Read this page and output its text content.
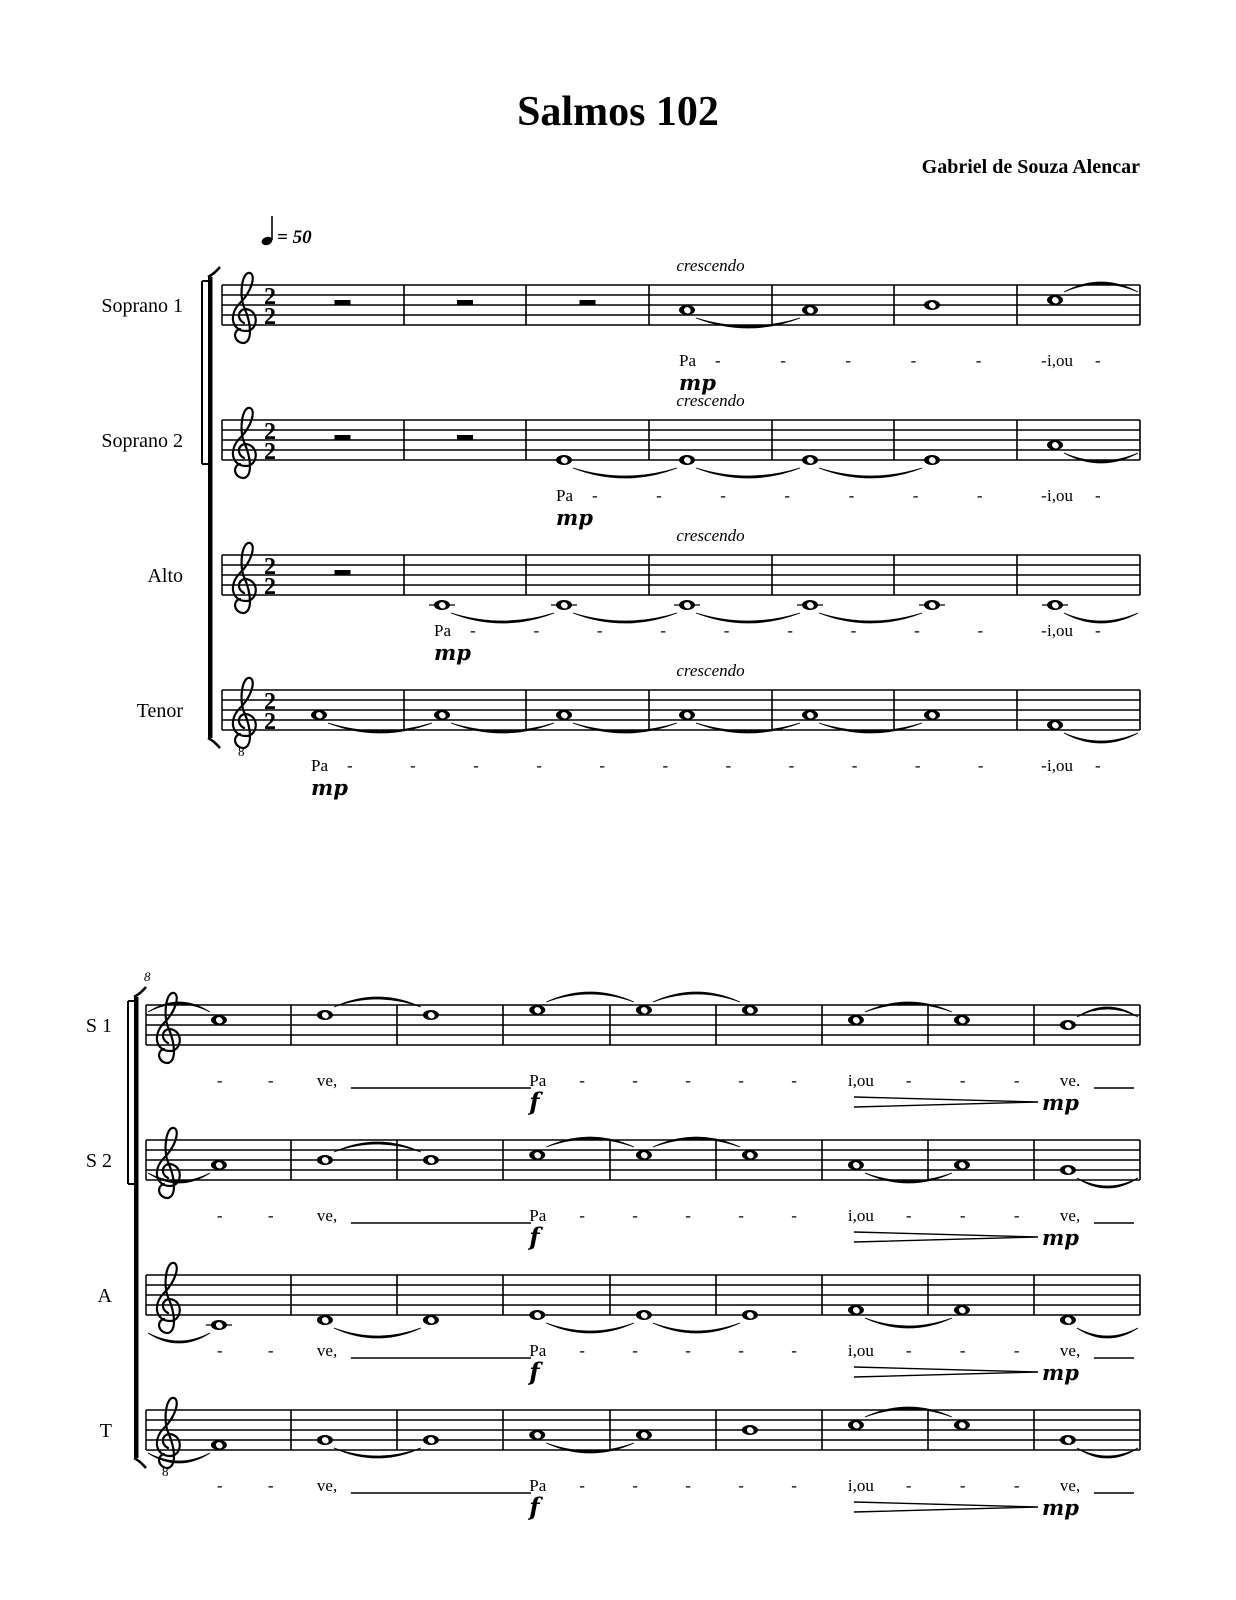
Salmos 102
Gabriel de Souza Alencar
= 50
Soprano 1	2
2
crescendo
Pa	i,ou
-	-	-	-	-	-	-
mp
Soprano 2	2
2
crescendo
Pa	i,ou
-	-	-	-	-	-	-	-	-
mp
Alto	2
2
crescendo
Pa	i,ou
-	-	-	-	-	-	-	-	-	-	-
mp
Tenor
8
2
2
crescendo
Pa	i,ou
-	-	-	-	-	-	-	-	-	-	-	-	-
mp
8
S 1
ve,	Pa	i,ou	ve.
-	-	-	-	-	-	-	-	-	-
f	mp
S 2
ve,	Pa	i,ou	ve,
-	-	-	-	-	-	-	-	-	-
f	mp
A
ve,	Pa	i,ou	ve,
-	-	-	-	-	-	-	-	-	-
f	mp
T
8
ve,	Pa	i,ou	ve,
-	-	-	-	-	-	-	-	-	-
f	mp
